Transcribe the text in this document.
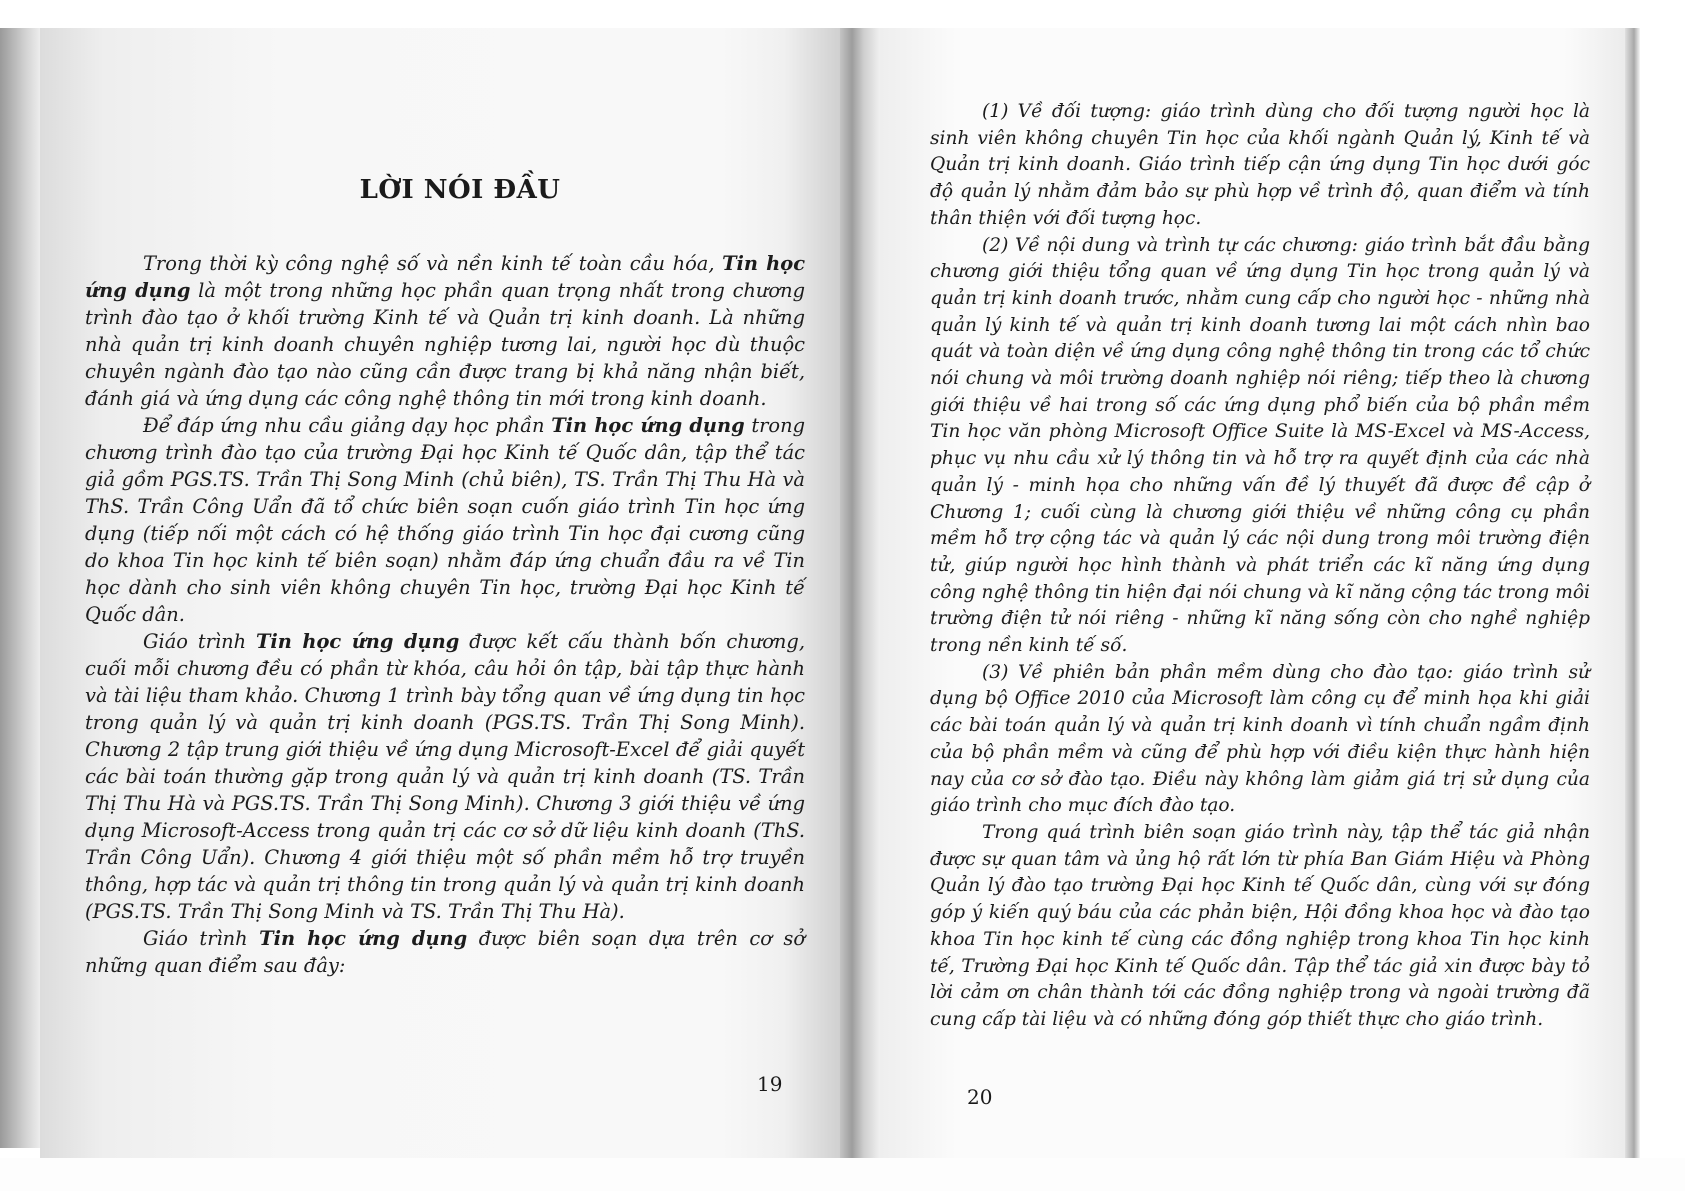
LỜI NÓI ĐẦU

Trong thời kỳ công nghệ số và nền kinh tế toàn cầu hóa, Tin học ứng dụng là một trong những học phần quan trọng nhất trong chương trình đào tạo ở khối trường Kinh tế và Quản trị kinh doanh. Là những nhà quản trị kinh doanh chuyên nghiệp tương lai, người học dù thuộc chuyên ngành đào tạo nào cũng cần được trang bị khả năng nhận biết, đánh giá và ứng dụng các công nghệ thông tin mới trong kinh doanh.

Để đáp ứng nhu cầu giảng dạy học phần Tin học ứng dụng trong chương trình đào tạo của trường Đại học Kinh tế Quốc dân, tập thể tác giả gồm PGS.TS. Trần Thị Song Minh (chủ biên), TS. Trần Thị Thu Hà và ThS. Trần Công Uẩn đã tổ chức biên soạn cuốn giáo trình Tin học ứng dụng (tiếp nối một cách có hệ thống giáo trình Tin học đại cương cũng do khoa Tin học kinh tế biên soạn) nhằm đáp ứng chuẩn đầu ra về Tin học dành cho sinh viên không chuyên Tin học, trường Đại học Kinh tế Quốc dân.

Giáo trình Tin học ứng dụng được kết cấu thành bốn chương, cuối mỗi chương đều có phần từ khóa, câu hỏi ôn tập, bài tập thực hành và tài liệu tham khảo. Chương 1 trình bày tổng quan về ứng dụng tin học trong quản lý và quản trị kinh doanh (PGS.TS. Trần Thị Song Minh). Chương 2 tập trung giới thiệu về ứng dụng Microsoft-Excel để giải quyết các bài toán thường gặp trong quản lý và quản trị kinh doanh (TS. Trần Thị Thu Hà và PGS.TS. Trần Thị Song Minh). Chương 3 giới thiệu về ứng dụng Microsoft-Access trong quản trị các cơ sở dữ liệu kinh doanh (ThS. Trần Công Uẩn). Chương 4 giới thiệu một số phần mềm hỗ trợ truyền thông, hợp tác và quản trị thông tin trong quản lý và quản trị kinh doanh (PGS.TS. Trần Thị Song Minh và TS. Trần Thị Thu Hà).

Giáo trình Tin học ứng dụng được biên soạn dựa trên cơ sở những quan điểm sau đây:

19

(1) Về đối tượng: giáo trình dùng cho đối tượng người học là sinh viên không chuyên Tin học của khối ngành Quản lý, Kinh tế và Quản trị kinh doanh. Giáo trình tiếp cận ứng dụng Tin học dưới góc độ quản lý nhằm đảm bảo sự phù hợp về trình độ, quan điểm và tính thân thiện với đối tượng học.

(2) Về nội dung và trình tự các chương: giáo trình bắt đầu bằng chương giới thiệu tổng quan về ứng dụng Tin học trong quản lý và quản trị kinh doanh trước, nhằm cung cấp cho người học - những nhà quản lý kinh tế và quản trị kinh doanh tương lai một cách nhìn bao quát và toàn diện về ứng dụng công nghệ thông tin trong các tổ chức nói chung và môi trường doanh nghiệp nói riêng; tiếp theo là chương giới thiệu về hai trong số các ứng dụng phổ biến của bộ phần mềm Tin học văn phòng Microsoft Office Suite là MS-Excel và MS-Access, phục vụ nhu cầu xử lý thông tin và hỗ trợ ra quyết định của các nhà quản lý - minh họa cho những vấn đề lý thuyết đã được đề cập ở Chương 1; cuối cùng là chương giới thiệu về những công cụ phần mềm hỗ trợ cộng tác và quản lý các nội dung trong môi trường điện tử, giúp người học hình thành và phát triển các kĩ năng ứng dụng công nghệ thông tin hiện đại nói chung và kĩ năng cộng tác trong môi trường điện tử nói riêng - những kĩ năng sống còn cho nghề nghiệp trong nền kinh tế số.

(3) Về phiên bản phần mềm dùng cho đào tạo: giáo trình sử dụng bộ Office 2010 của Microsoft làm công cụ để minh họa khi giải các bài toán quản lý và quản trị kinh doanh vì tính chuẩn ngầm định của bộ phần mềm và cũng để phù hợp với điều kiện thực hành hiện nay của cơ sở đào tạo. Điều này không làm giảm giá trị sử dụng của giáo trình cho mục đích đào tạo.

Trong quá trình biên soạn giáo trình này, tập thể tác giả nhận được sự quan tâm và ủng hộ rất lớn từ phía Ban Giám Hiệu và Phòng Quản lý đào tạo trường Đại học Kinh tế Quốc dân, cùng với sự đóng góp ý kiến quý báu của các phản biện, Hội đồng khoa học và đào tạo khoa Tin học kinh tế cùng các đồng nghiệp trong khoa Tin học kinh tế, Trường Đại học Kinh tế Quốc dân. Tập thể tác giả xin được bày tỏ lời cảm ơn chân thành tới các đồng nghiệp trong và ngoài trường đã cung cấp tài liệu và có những đóng góp thiết thực cho giáo trình.

20
